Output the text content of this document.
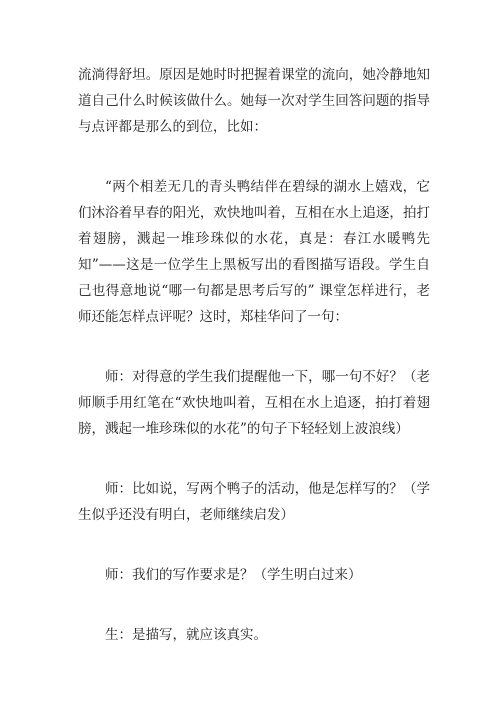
流淌得舒坦。原因是她时时把握着课堂的流向，她冷静地知道自己什么时候该做什么。她每一次对学生回答问题的指导与点评都是那么的到位，比如：

“两个相差无几的青头鸭结伴在碧绿的湖水上嬉戏，它们沐浴着早春的阳光，欢快地叫着，互相在水上追逐，拍打着翅膀，溅起一堆珍珠似的水花，真是：春江水暖鸭先知”——这是一位学生上黑板写出的看图描写语段。学生自己也得意地说“哪一句都是思考后写的” 课堂怎样进行，老师还能怎样点评呢？这时，郑桂华问了一句：

师：对得意的学生我们提醒他一下，哪一句不好？（老师顺手用红笔在“欢快地叫着，互相在水上追逐，拍打着翅膀，溅起一堆珍珠似的水花”的句子下轻轻划上波浪线）

师：比如说，写两个鸭子的活动，他是怎样写的？（学生似乎还没有明白，老师继续启发）

师：我们的写作要求是？（学生明白过来）

生：是描写，就应该真实。
